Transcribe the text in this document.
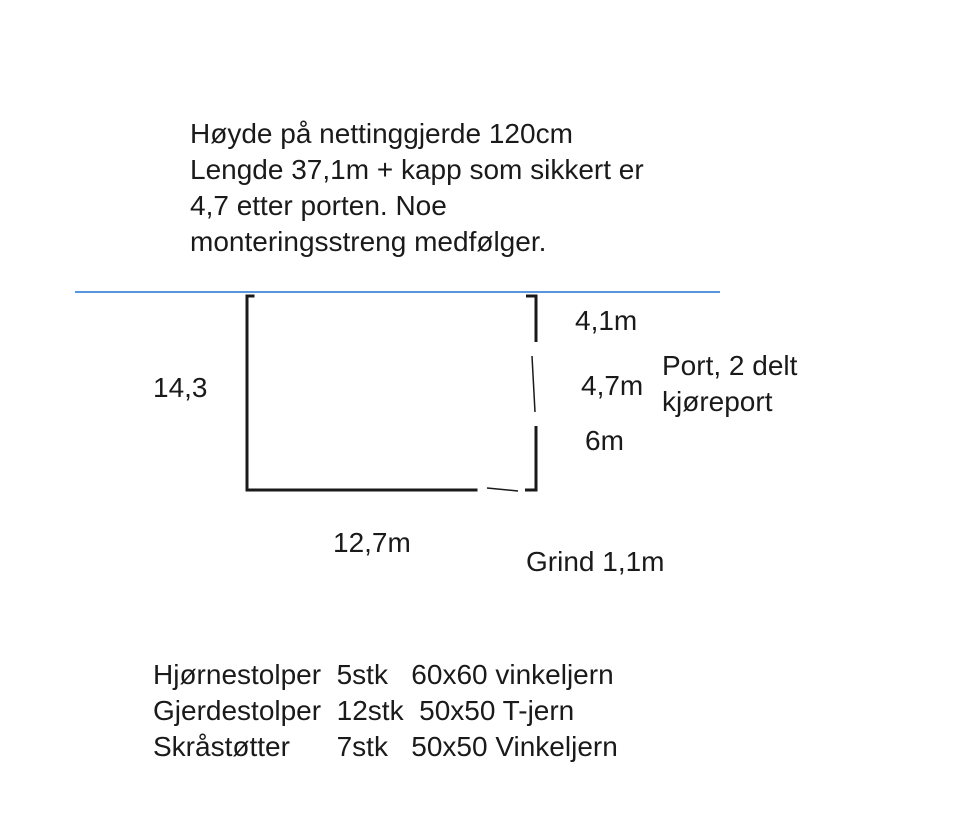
Høyde på nettinggjerde 120cm
Lengde 37,1m + kapp som sikkert er
4,7 etter porten. Noe
monteringsstreng medfølger.
14,3
12,7m
4,1m
4,7m
6m
Port, 2 delt
kjøreport
Grind 1,1m
Hjørnestolper  5stk   60x60 vinkeljern
Gjerdestolper  12stk  50x50 T-jern
Skråstøtter      7stk   50x50 Vinkeljern
